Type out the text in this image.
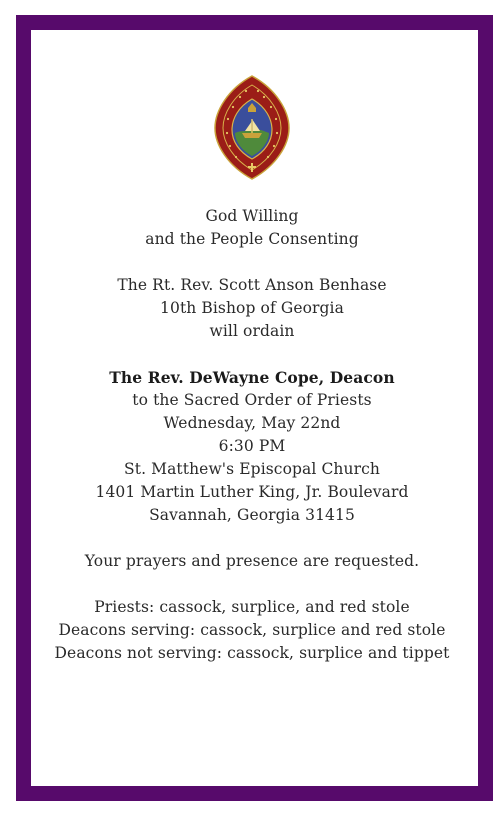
God Willing
and the People Consenting
The Rt. Rev. Scott Anson Benhase
10th Bishop of Georgia
will ordain
The Rev. DeWayne Cope, Deacon
to the Sacred Order of Priests
Wednesday, May 22nd
6:30 PM
St. Matthew's Episcopal Church
1401 Martin Luther King, Jr. Boulevard
Savannah, Georgia 31415
Your prayers and presence are requested.
Priests: cassock, surplice, and red stole
Deacons serving: cassock, surplice and red stole
Deacons not serving: cassock, surplice and tippet
